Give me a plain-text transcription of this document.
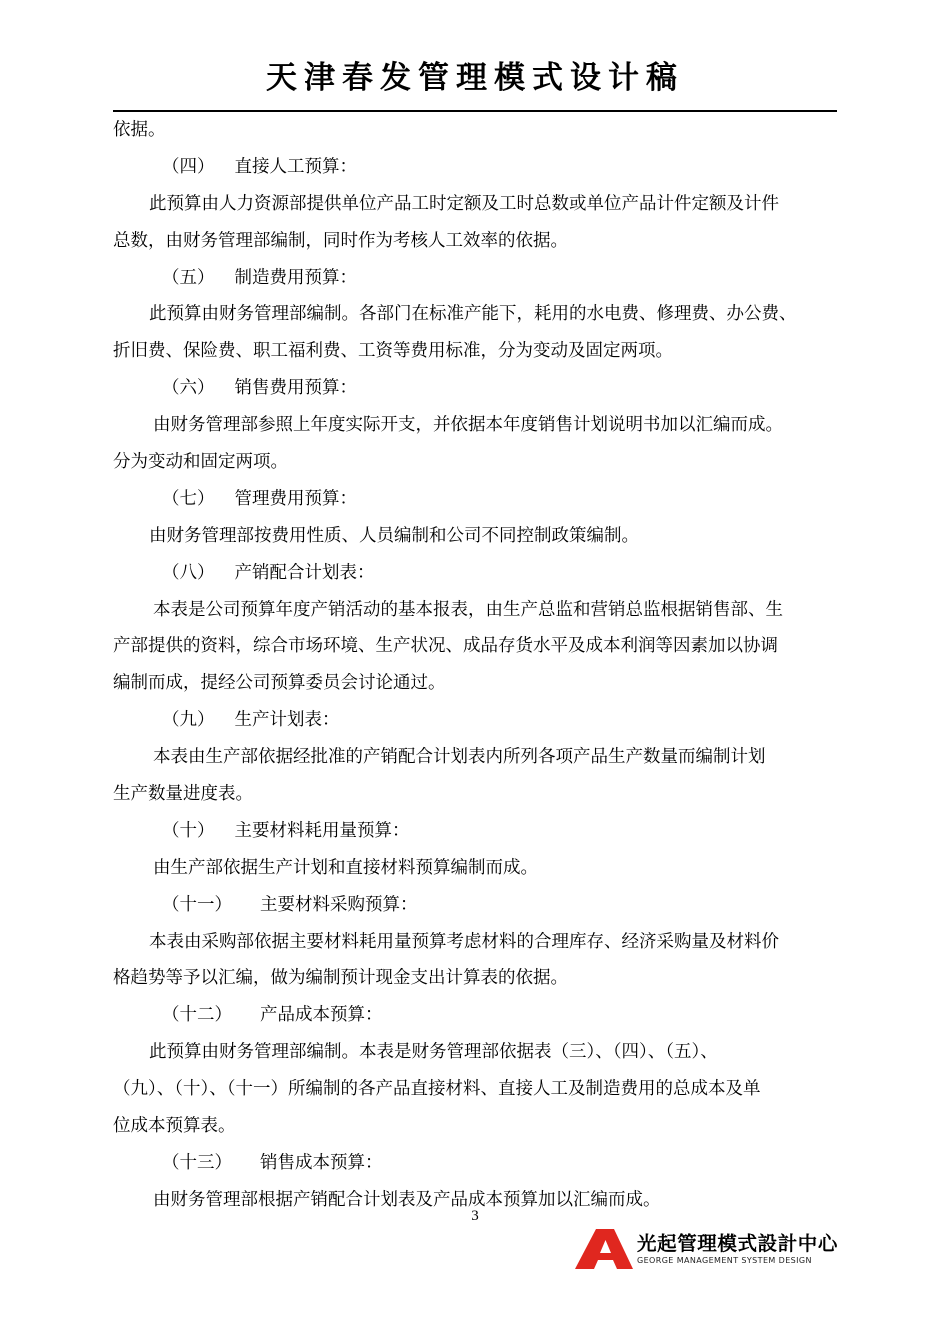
天津春发管理模式设计稿
依据。
（四） 直接人工预算：
此预算由人力资源部提供单位产品工时定额及工时总数或单位产品计件定额及计件
总数，由财务管理部编制，同时作为考核人工效率的依据。
（五） 制造费用预算：
此预算由财务管理部编制。各部门在标准产能下，耗用的水电费、修理费、办公费、
折旧费、保险费、职工福利费、工资等费用标准，分为变动及固定两项。
（六） 销售费用预算：
由财务管理部参照上年度实际开支，并依据本年度销售计划说明书加以汇编而成。
分为变动和固定两项。
（七） 管理费用预算：
由财务管理部按费用性质、人员编制和公司不同控制政策编制。
（八） 产销配合计划表：
本表是公司预算年度产销活动的基本报表，由生产总监和营销总监根据销售部、生
产部提供的资料，综合市场环境、生产状况、成品存货水平及成本利润等因素加以协调
编制而成，提经公司预算委员会讨论通过。
（九） 生产计划表：
本表由生产部依据经批准的产销配合计划表内所列各项产品生产数量而编制计划
生产数量进度表。
（十） 主要材料耗用量预算：
由生产部依据生产计划和直接材料预算编制而成。
（十一） 主要材料采购预算：
本表由采购部依据主要材料耗用量预算考虑材料的合理库存、经济采购量及材料价
格趋势等予以汇编，做为编制预计现金支出计算表的依据。
（十二） 产品成本预算：
此预算由财务管理部编制。本表是财务管理部依据表（三）、（四）、（五）、
（九）、（十）、（十一）所编制的各产品直接材料、直接人工及制造费用的总成本及单
位成本预算表。
（十三） 销售成本预算：
由财务管理部根据产销配合计划表及产品成本预算加以汇编而成。
3
光起管理模式設計中心
GEORGE MANAGEMENT SYSTEM DESIGN
